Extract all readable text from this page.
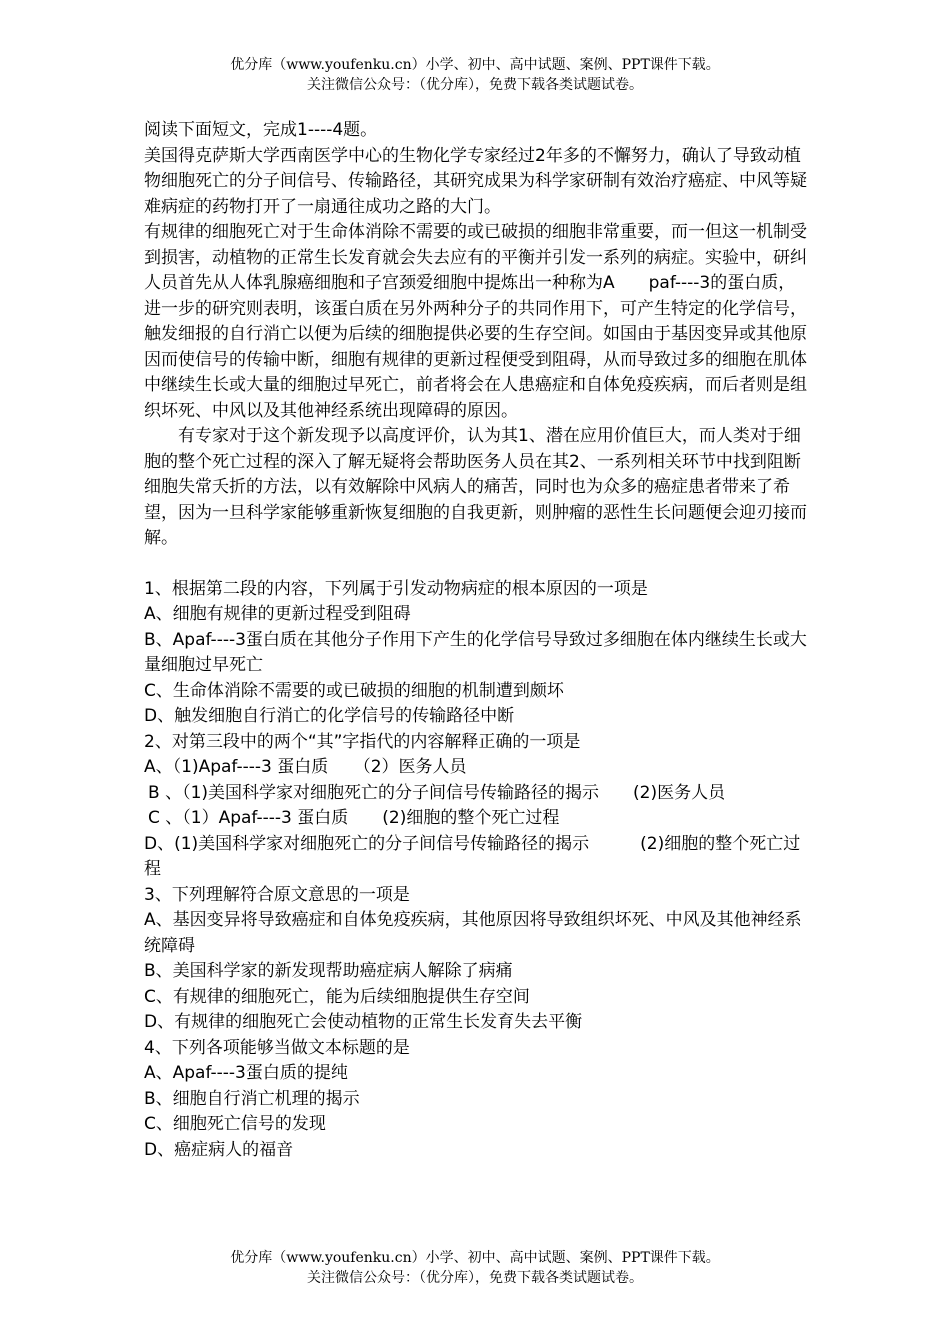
优分库（www.youfenku.cn）小学、初中、高中试题、案例、PPT课件下载。
关注微信公众号：（优分库），免费下载各类试题试卷。

阅读下面短文，完成1----4题。

美国得克萨斯大学西南医学中心的生物化学专家经过2年多的不懈努力，确认了导致动植物细胞死亡的分子间信号、传输路径，其研究成果为科学家研制有效治疗癌症、中风等疑难病症的药物打开了一扇通往成功之路的大门。

有规律的细胞死亡对于生命体消除不需要的或已破损的细胞非常重要，而一但这一机制受到损害，动植物的正常生长发育就会失去应有的平衡并引发一系列的病症。实验中，研纠人员首先从人体乳腺癌细胞和子宫颈爱细胞中提炼出一种称为A　　paf----3的蛋白质，进一步的研究则表明，该蛋白质在另外两种分子的共同作用下，可产生特定的化学信号，触发细报的自行消亡以便为后续的细胞提供必要的生存空间。如国由于基因变异或其他原因而使信号的传输中断，细胞有规律的更新过程便受到阻碍，从而导致过多的细胞在肌体中继续生长或大量的细胞过早死亡，前者将会在人患癌症和自体免疫疾病，而后者则是组织坏死、中风以及其他神经系统出现障碍的原因。

有专家对于这个新发现予以高度评价，认为其1、潜在应用价值巨大，而人类对于细胞的整个死亡过程的深入了解无疑将会帮助医务人员在其2、一系列相关环节中找到阻断细胞失常夭折的方法，以有效解除中风病人的痛苦，同时也为众多的癌症患者带来了希望，因为一旦科学家能够重新恢复细胞的自我更新，则肿瘤的恶性生长问题便会迎刃接而解。

1、根据第二段的内容，下列属于引发动物病症的根本原因的一项是

A、细胞有规律的更新过程受到阻碍

B、Apaf----3蛋白质在其他分子作用下产生的化学信号导致过多细胞在体内继续生长或大量细胞过早死亡

C、生命体消除不需要的或已破损的细胞的机制遭到颇坏

D、触发细胞自行消亡的化学信号的传输路径中断

2、对第三段中的两个“其”字指代的内容解释正确的一项是

A、（1)Apaf----3 蛋白质　　（2）医务人员

B 、（1)美国科学家对细胞死亡的分子间信号传输路径的揭示　　(2)医务人员

C 、（1）Apaf----3 蛋白质　　(2)细胞的整个死亡过程

D、(1)美国科学家对细胞死亡的分子间信号传输路径的揭示　　　(2)细胞的整个死亡过程

3、下列理解符合原文意思的一项是

A、基因变异将导致癌症和自体免疫疾病，其他原因将导致组织坏死、中风及其他神经系统障碍

B、美国科学家的新发现帮助癌症病人解除了病痛

C、有规律的细胞死亡，能为后续细胞提供生存空间

D、有规律的细胞死亡会使动植物的正常生长发育失去平衡

4、下列各项能够当做文本标题的是

A、Apaf----3蛋白质的提纯

B、细胞自行消亡机理的揭示

C、细胞死亡信号的发现

D、癌症病人的福音

优分库（www.youfenku.cn）小学、初中、高中试题、案例、PPT课件下载。
关注微信公众号：（优分库），免费下载各类试题试卷。
